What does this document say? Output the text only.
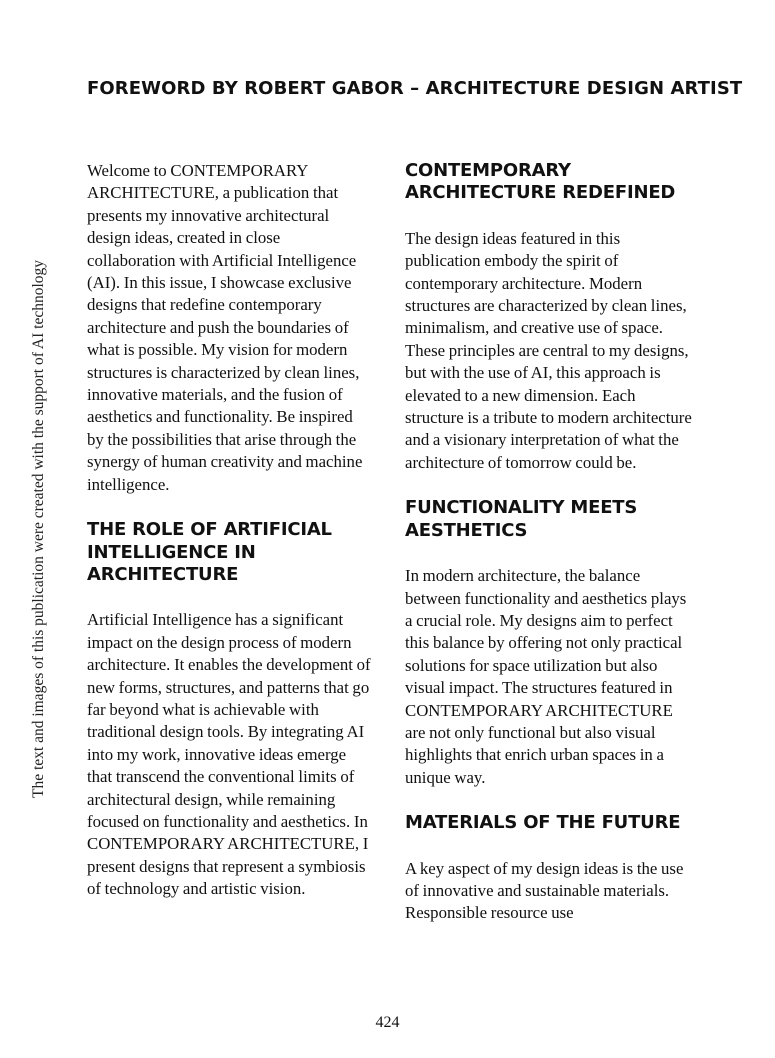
The text and images of this publication were created with the support of AI technology
FOREWORD BY ROBERT GABOR – ARCHITECTURE DESIGN ARTIST

Welcome to CONTEMPORARY ARCHITECTURE, a publication that presents my innovative architectural design ideas, created in close collaboration with Artificial Intelligence (AI). In this issue, I showcase exclusive designs that redefine contemporary architecture and push the boundaries of what is possible. My vision for modern structures is characterized by clean lines, innovative materials, and the fusion of aesthetics and functionality. Be inspired by the possibilities that arise through the synergy of human creativity and machine intelligence.

THE ROLE OF ARTIFICIAL INTELLIGENCE IN ARCHITECTURE

Artificial Intelligence has a significant impact on the design process of modern architecture. It enables the development of new forms, structures, and patterns that go far beyond what is achievable with traditional design tools. By integrating AI into my work, innovative ideas emerge that transcend the conventional limits of architectural design, while remaining focused on functionality and aesthetics. In CONTEMPORARY ARCHITECTURE, I present designs that represent a symbiosis of technology and artistic vision.

CONTEMPORARY ARCHITECTURE REDEFINED

The design ideas featured in this publication embody the spirit of contemporary architecture. Modern structures are characterized by clean lines, minimalism, and creative use of space. These principles are central to my designs, but with the use of AI, this approach is elevated to a new dimension. Each structure is a tribute to modern architecture and a visionary interpretation of what the architecture of tomorrow could be.

FUNCTIONALITY MEETS AESTHETICS

In modern architecture, the balance between functionality and aesthetics plays a crucial role. My designs aim to perfect this balance by offering not only practical solutions for space utilization but also visual impact. The structures featured in CONTEMPORARY ARCHITECTURE are not only functional but also visual highlights that enrich urban spaces in a unique way.

MATERIALS OF THE FUTURE

A key aspect of my design ideas is the use of innovative and sustainable materials. Responsible resource use

424
